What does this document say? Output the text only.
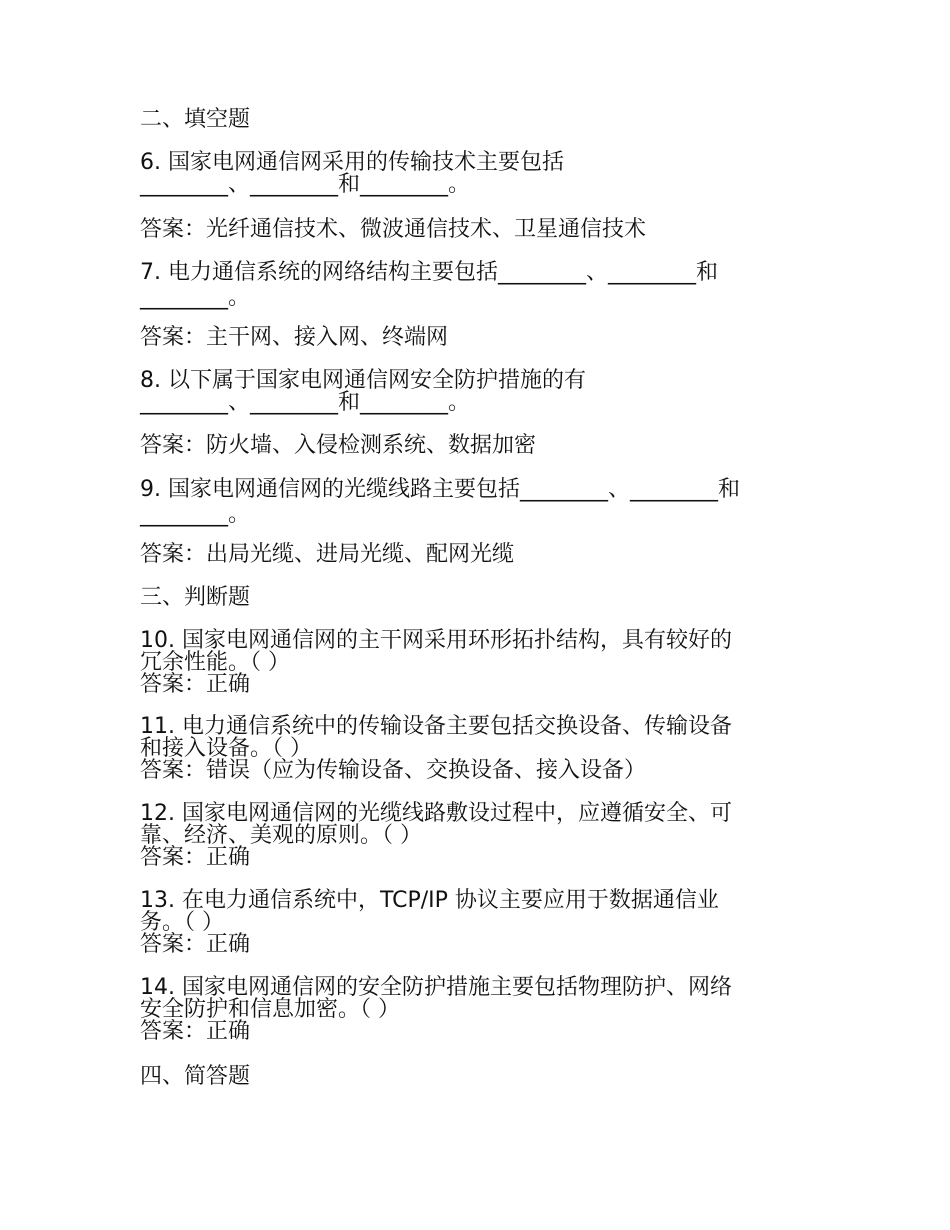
二、填空题

6. 国家电网通信网采用的传输技术主要包括

________、________和________。

答案：光纤通信技术、微波通信技术、卫星通信技术

7. 电力通信系统的网络结构主要包括________、________和

________。

答案：主干网、接入网、终端网

8. 以下属于国家电网通信网安全防护措施的有

________、________和________。

答案：防火墙、入侵检测系统、数据加密

9. 国家电网通信网的光缆线路主要包括________、________和

________。

答案：出局光缆、进局光缆、配网光缆

三、判断题

10. 国家电网通信网的主干网采用环形拓扑结构，具有较好的

冗余性能。（ ）

答案：正确

11. 电力通信系统中的传输设备主要包括交换设备、传输设备

和接入设备。（ ）

答案：错误（应为传输设备、交换设备、接入设备）

12. 国家电网通信网的光缆线路敷设过程中，应遵循安全、可

靠、经济、美观的原则。（ ）

答案：正确

13. 在电力通信系统中，TCP/IP 协议主要应用于数据通信业

务。（ ）

答案：正确

14. 国家电网通信网的安全防护措施主要包括物理防护、网络

安全防护和信息加密。（ ）

答案：正确

四、简答题
